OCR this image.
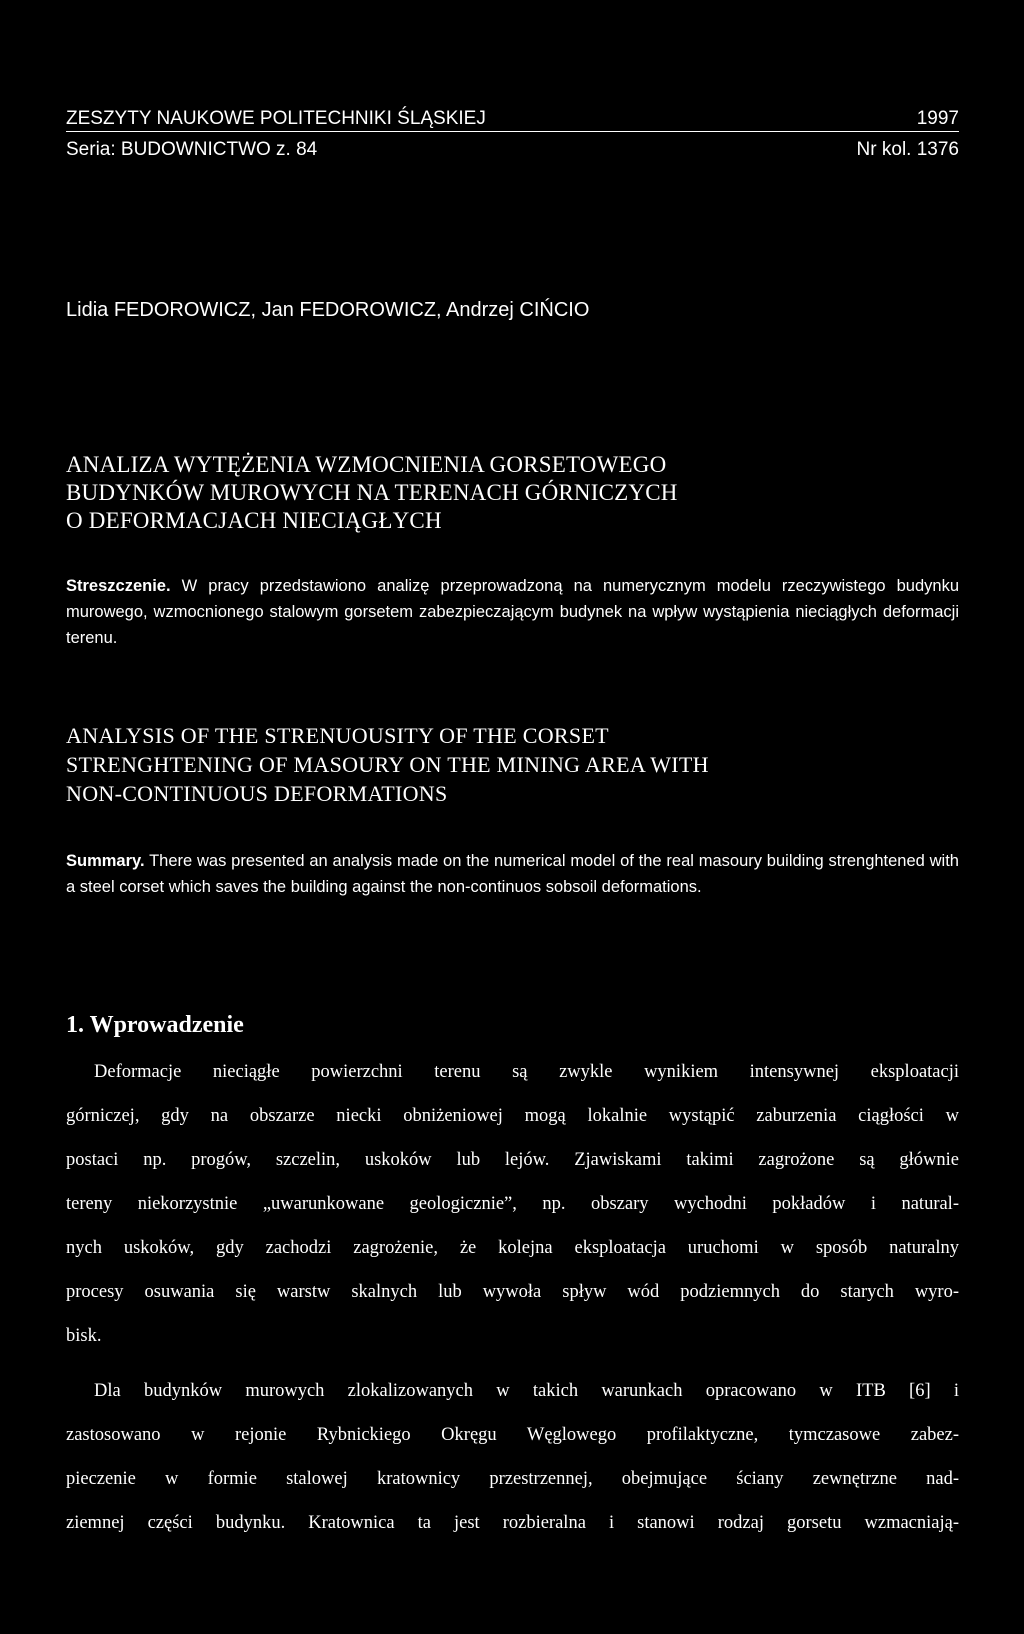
ZESZYTY NAUKOWE POLITECHNIKI ŚLĄSKIEJ	1997
Seria: BUDOWNICTWO z. 84	Nr kol. 1376
Lidia FEDOROWICZ, Jan FEDOROWICZ, Andrzej CIŃCIO
ANALIZA WYTĘŻENIA WZMOCNIENIA GORSETOWEGO
BUDYNKÓW MUROWYCH NA TERENACH GÓRNICZYCH
O DEFORMACJACH NIECIĄGŁYCH

Streszczenie. W pracy przedstawiono analizę przeprowadzoną na numerycznym modelu rzeczywistego budynku murowego, wzmocnionego stalowym gorsetem zabezpieczającym budynek na wpływ wystąpienia nieciągłych deformacji terenu.

ANALYSIS OF THE STRENUOUSITY OF THE CORSET
STRENGHTENING OF MASOURY ON THE MINING AREA WITH
NON-CONTINUOUS DEFORMATIONS

Summary. There was presented an analysis made on the numerical model of the real masoury building strenghtened with a steel corset which saves the building against the non-continuos sobsoil deformations.

1. Wprowadzenie

Deformacje nieciągłe powierzchni terenu są zwykle wynikiem intensywnej eksploatacji
górniczej, gdy na obszarze niecki obniżeniowej mogą lokalnie wystąpić zaburzenia ciągłości w
postaci np. progów, szczelin, uskoków lub lejów. Zjawiskami takimi zagrożone są głównie
tereny niekorzystnie „uwarunkowane geologicznie”, np. obszary wychodni pokładów i natural-
nych uskoków, gdy zachodzi zagrożenie, że kolejna eksploatacja uruchomi w sposób naturalny
procesy osuwania się warstw skalnych lub wywoła spływ wód podziemnych do starych wyro-
bisk.

Dla budynków murowych zlokalizowanych w takich warunkach opracowano w ITB [6] i
zastosowano w rejonie Rybnickiego Okręgu Węglowego profilaktyczne, tymczasowe zabez-
pieczenie w formie stalowej kratownicy przestrzennej, obejmujące ściany zewnętrzne nad-
ziemnej części budynku. Kratownica ta jest rozbieralna i stanowi rodzaj gorsetu wzmacniają-
